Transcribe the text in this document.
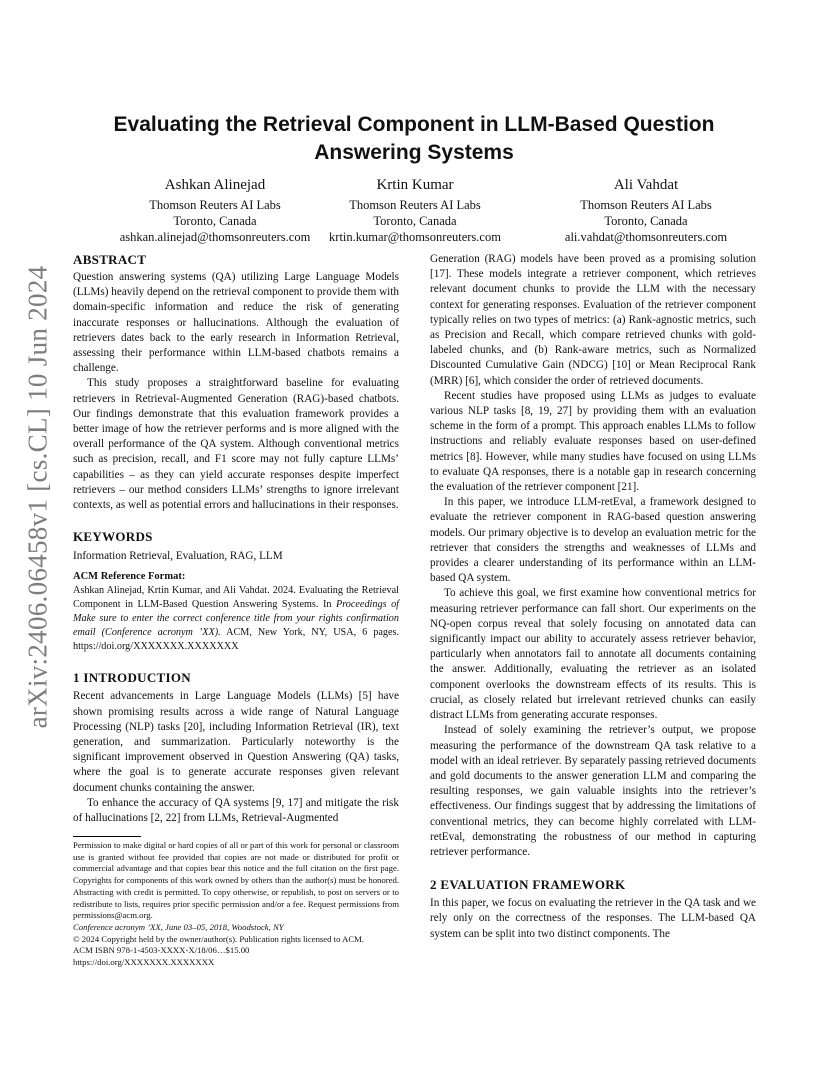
arXiv:2406.06458v1 [cs.CL] 10 Jun 2024
Evaluating the Retrieval Component in LLM-Based Question
Answering Systems
Ashkan Alinejad
Thomson Reuters AI Labs
Toronto, Canada
ashkan.alinejad@thomsonreuters.com
Krtin Kumar
Thomson Reuters AI Labs
Toronto, Canada
krtin.kumar@thomsonreuters.com
Ali Vahdat
Thomson Reuters AI Labs
Toronto, Canada
ali.vahdat@thomsonreuters.com
ABSTRACT

Question answering systems (QA) utilizing Large Language Models (LLMs) heavily depend on the retrieval component to provide them with domain-specific information and reduce the risk of generating inaccurate responses or hallucinations. Although the evaluation of retrievers dates back to the early research in Information Retrieval, assessing their performance within LLM-based chatbots remains a challenge.

This study proposes a straightforward baseline for evaluating retrievers in Retrieval-Augmented Generation (RAG)-based chatbots. Our findings demonstrate that this evaluation framework provides a better image of how the retriever performs and is more aligned with the overall performance of the QA system. Although conventional metrics such as precision, recall, and F1 score may not fully capture LLMs’ capabilities – as they can yield accurate responses despite imperfect retrievers – our method considers LLMs’ strengths to ignore irrelevant contexts, as well as potential errors and hallucinations in their responses.

KEYWORDS

Information Retrieval, Evaluation, RAG, LLM

ACM Reference Format:

Ashkan Alinejad, Krtin Kumar, and Ali Vahdat. 2024. Evaluating the Retrieval Component in LLM-Based Question Answering Systems. In Proceedings of Make sure to enter the correct conference title from your rights confirmation email (Conference acronym ’XX). ACM, New York, NY, USA, 6 pages. https://doi.org/XXXXXXX.XXXXXXX

1 INTRODUCTION

Recent advancements in Large Language Models (LLMs) [5] have shown promising results across a wide range of Natural Language Processing (NLP) tasks [20], including Information Retrieval (IR), text generation, and summarization. Particularly noteworthy is the significant improvement observed in Question Answering (QA) tasks, where the goal is to generate accurate responses given relevant document chunks containing the answer.

To enhance the accuracy of QA systems [9, 17] and mitigate the risk of hallucinations [2, 22] from LLMs, Retrieval-Augmented

Permission to make digital or hard copies of all or part of this work for personal or classroom use is granted without fee provided that copies are not made or distributed for profit or commercial advantage and that copies bear this notice and the full citation on the first page. Copyrights for components of this work owned by others than the author(s) must be honored. Abstracting with credit is permitted. To copy otherwise, or republish, to post on servers or to redistribute to lists, requires prior specific permission and/or a fee. Request permissions from permissions@acm.org.

Conference acronym ’XX, June 03–05, 2018, Woodstock, NY

© 2024 Copyright held by the owner/author(s). Publication rights licensed to ACM.

ACM ISBN 978-1-4503-XXXX-X/18/06…$15.00

https://doi.org/XXXXXXX.XXXXXXX

Generation (RAG) models have been proved as a promising solution [17]. These models integrate a retriever component, which retrieves relevant document chunks to provide the LLM with the necessary context for generating responses. Evaluation of the retriever component typically relies on two types of metrics: (a) Rank-agnostic metrics, such as Precision and Recall, which compare retrieved chunks with gold-labeled chunks, and (b) Rank-aware metrics, such as Normalized Discounted Cumulative Gain (NDCG) [10] or Mean Reciprocal Rank (MRR) [6], which consider the order of retrieved documents.

Recent studies have proposed using LLMs as judges to evaluate various NLP tasks [8, 19, 27] by providing them with an evaluation scheme in the form of a prompt. This approach enables LLMs to follow instructions and reliably evaluate responses based on user-defined metrics [8]. However, while many studies have focused on using LLMs to evaluate QA responses, there is a notable gap in research concerning the evaluation of the retriever component [21].

In this paper, we introduce LLM-retEval, a framework designed to evaluate the retriever component in RAG-based question answering models. Our primary objective is to develop an evaluation metric for the retriever that considers the strengths and weaknesses of LLMs and provides a clearer understanding of its performance within an LLM-based QA system.

To achieve this goal, we first examine how conventional metrics for measuring retriever performance can fall short. Our experiments on the NQ-open corpus reveal that solely focusing on annotated data can significantly impact our ability to accurately assess retriever behavior, particularly when annotators fail to annotate all documents containing the answer. Additionally, evaluating the retriever as an isolated component overlooks the downstream effects of its results. This is crucial, as closely related but irrelevant retrieved chunks can easily distract LLMs from generating accurate responses.

Instead of solely examining the retriever’s output, we propose measuring the performance of the downstream QA task relative to a model with an ideal retriever. By separately passing retrieved documents and gold documents to the answer generation LLM and comparing the resulting responses, we gain valuable insights into the retriever’s effectiveness. Our findings suggest that by addressing the limitations of conventional metrics, they can become highly correlated with LLM-retEval, demonstrating the robustness of our method in capturing retriever performance.

2 EVALUATION FRAMEWORK

In this paper, we focus on evaluating the retriever in the QA task and we rely only on the correctness of the responses. The LLM-based QA system can be split into two distinct components. The
